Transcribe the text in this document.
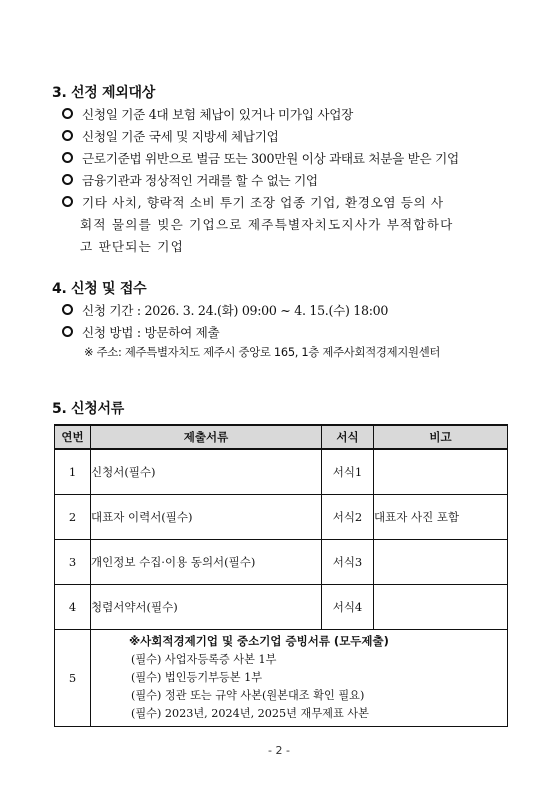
3. 선정 제외대상
신청일 기준 4대 보험 체납이 있거나 미가입 사업장
신청일 기준 국세 및 지방세 체납기업
근로기준법 위반으로 벌금 또는 300만원 이상 과태료 처분을 받은 기업
금융기관과 정상적인 거래를 할 수 없는 기업
기타 사치, 향락적 소비 투기 조장 업종 기업, 환경오염 등의 사
회적 물의를 빚은 기업으로 제주특별자치도지사가 부적합하다
고 판단되는 기업
4. 신청 및 접수
신청 기간 : 2026. 3. 24.(화) 09:00 ~ 4. 15.(수) 18:00
신청 방법 : 방문하여 제출
※ 주소: 제주특별자치도 제주시 중앙로 165, 1층 제주사회적경제지원센터
5. 신청서류
연번	제출서류	서식	비고
1	신청서(필수)	서식1	
2	대표자 이력서(필수)	서식2	대표자 사진 포함
3	개인정보 수집·이용 동의서(필수)	서식3	
4	청렴서약서(필수)	서식4	
5	※사회적경제기업 및 중소기업 증빙서류 (모두제출)
(필수) 사업자등록증 사본 1부
(필수) 법인등기부등본 1부
(필수) 정관 또는 규약 사본(원본대조 확인 필요)
(필수) 2023년, 2024년, 2025년 재무제표 사본		
- 2 -
